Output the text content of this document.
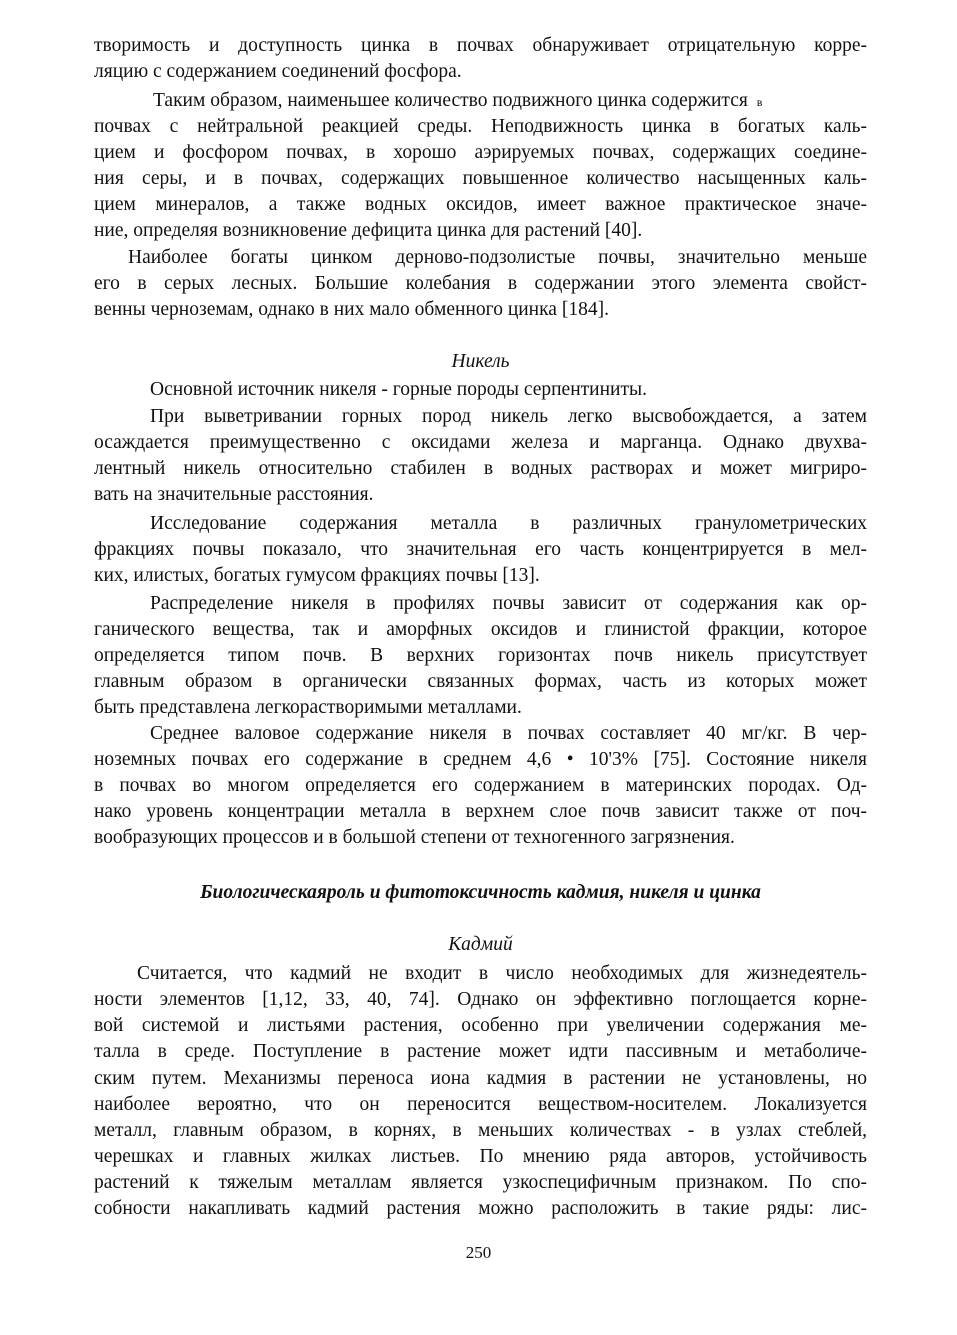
творимость и доступность цинка в почвах обнаруживает отрицательную корре-
ляцию с содержанием соединений фосфора.
Таким образом, наименьшее количество подвижного цинка содержится в
почвах с нейтральной реакцией среды. Неподвижность цинка в богатых каль-
цием и фосфором почвах, в хорошо аэрируемых почвах, содержащих соедине-
ния серы, и в почвах, содержащих повышенное количество насыщенных каль-
цием минералов, а также водных оксидов, имеет важное практическое значе-
ние, определяя возникновение дефицита цинка для растений [40].
Наиболее богаты цинком дерново-подзолистые почвы, значительно меньше
его в серых лесных. Большие колебания в содержании этого элемента свойст-
венны черноземам, однако в них мало обменного цинка [184].
Никель
Основной источник никеля - горные породы серпентиниты.
При выветривании горных пород никель легко высвобождается, а затем
осаждается преимущественно с оксидами железа и марганца. Однако двухва-
лентный никель относительно стабилен в водных растворах и может мигриро-
вать на значительные расстояния.
Исследование содержания металла в различных гранулометрических
фракциях почвы показало, что значительная его часть концентрируется в мел-
ких, илистых, богатых гумусом фракциях почвы [13].
Распределение никеля в профилях почвы зависит от содержания как ор-
ганического вещества, так и аморфных оксидов и глинистой фракции, которое
определяется типом почв. В верхних горизонтах почв никель присутствует
главным образом в органически связанных формах, часть из которых может
быть представлена легкорастворимыми металлами.
Среднее валовое содержание никеля в почвах составляет 40 мг/кг. В чер-
ноземных почвах его содержание в среднем 4,6 • 10'3% [75]. Состояние никеля
в почвах во многом определяется его содержанием в материнских породах. Од-
нако уровень концентрации металла в верхнем слое почв зависит также от поч-
вообразующих процессов и в большой степени от техногенного загрязнения.
Биологическаяроль и фитотоксичность кадмия, никеля и цинка
Кадмий
Считается, что кадмий не входит в число необходимых для жизнедеятель-
ности элементов [1,12, 33, 40, 74]. Однако он эффективно поглощается корне-
вой системой и листьями растения, особенно при увеличении содержания ме-
талла в среде. Поступление в растение может идти пассивным и метаболиче-
ским путем. Механизмы переноса иона кадмия в растении не установлены, но
наиболее вероятно, что он переносится веществом-носителем. Локализуется
металл, главным образом, в корнях, в меньших количествах - в узлах стеблей,
черешках и главных жилках листьев. По мнению ряда авторов, устойчивость
растений к тяжелым металлам является узкоспецифичным признаком. По спо-
собности накапливать кадмий растения можно расположить в такие ряды: лис-
250
